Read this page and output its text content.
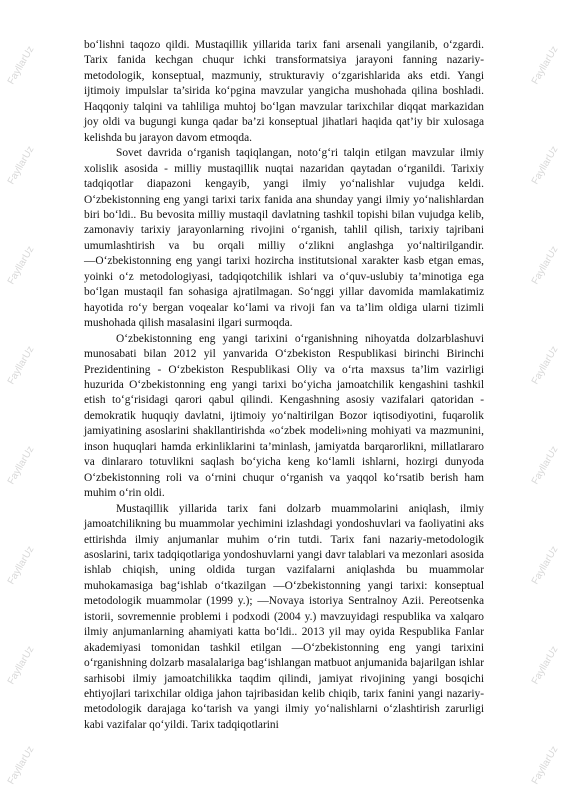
FayllarUz
FayllarUz
FayllarUz
FayllarUz
FayllarUz
FayllarUz
FayllarUz
FayllarUz
FayllarUz
FayllarUz
FayllarUz
FayllarUz
FayllarUz
FayllarUz
FayllarUz
FayllarUz

bo‘lishni taqozo qildi. Mustaqillik yillarida tarix fani arsenali yangilanib, o‘zgardi. Tarix fanida kechgan chuqur ichki transformatsiya jarayoni fanning nazariy-metodologik, konseptual, mazmuniy, strukturaviy o‘zgarishlarida aks etdi. Yangi ijtimoiy impulslar ta’sirida ko‘pgina mavzular yangicha mushohada qilina boshladi. Haqqoniy talqini va tahliliga muhtoj bo‘lgan mavzular tarixchilar diqqat markazidan joy oldi va bugungi kunga qadar ba’zi konseptual jihatlari haqida qat’iy bir xulosaga kelishda bu jarayon davom etmoqda.

Sovet davrida o‘rganish taqiqlangan, noto‘g‘ri talqin etilgan mavzular ilmiy xolislik asosida - milliy mustaqillik nuqtai nazaridan qaytadan o‘rganildi. Tarixiy tadqiqotlar diapazoni kengayib, yangi ilmiy yo‘nalishlar vujudga keldi. O‘zbekistonning eng yangi tarixi tarix fanida ana shunday yangi ilmiy yo‘nalishlardan biri bo‘ldi.. Bu bevosita milliy mustaqil davlatning tashkil topishi bilan vujudga kelib, zamonaviy tarixiy jarayonlarning rivojini o‘rganish, tahlil qilish, tarixiy tajribani umumlashtirish va bu orqali milliy o‘zlikni anglashga yo‘naltirilgandir. ―O‘zbekistonning eng yangi tarixi hozircha institutsional xarakter kasb etgan emas, yoinki o‘z metodologiyasi, tadqiqotchilik ishlari va o‘quv-uslubiy ta’minotiga ega bo‘lgan mustaqil fan sohasiga ajratilmagan. So‘nggi yillar davomida mamlakatimiz hayotida ro‘y bergan voqealar ko‘lami va rivoji fan va ta’lim oldiga ularni tizimli mushohada qilish masalasini ilgari surmoqda.

O‘zbekistonning eng yangi tarixini o‘rganishning nihoyatda dolzarblashuvi munosabati bilan 2012 yil yanvarida O‘zbekiston Respublikasi birinchi Birinchi Prezidentining - O‘zbekiston Respublikasi Oliy va o‘rta maxsus ta’lim vazirligi huzurida O‘zbekistonning eng yangi tarixi bo‘yicha jamoatchilik kengashini tashkil etish to‘g‘risidagi qarori qabul qilindi. Kengashning asosiy vazifalari qatoridan - demokratik huquqiy davlatni, ijtimoiy yo‘naltirilgan Bozor iqtisodiyotini, fuqarolik jamiyatining asoslarini shakllantirishda «o‘zbek modeli»ning mohiyati va mazmunini, inson huquqlari hamda erkinliklarini ta’minlash, jamiyatda barqarorlikni, millatlararo va dinlararo totuvlikni saqlash bo‘yicha keng ko‘lamli ishlarni, hozirgi dunyoda O‘zbekistonning roli va o‘rnini chuqur o‘rganish va yaqqol ko‘rsatib berish ham muhim o‘rin oldi.

Mustaqillik yillarida tarix fani dolzarb muammolarini aniqlash, ilmiy jamoatchilikning bu muammolar yechimini izlashdagi yondoshuvlari va faoliyatini aks ettirishda ilmiy anjumanlar muhim o‘rin tutdi. Tarix fani nazariy-metodologik asoslarini, tarix tadqiqotlariga yondoshuvlarni yangi davr talablari va mezonlari asosida ishlab chiqish, uning oldida turgan vazifalarni aniqlashda bu muammolar muhokamasiga bag‘ishlab o‘tkazilgan ―O‘zbekistonning yangi tarixi: konseptual metodologik muammolar (1999 y.); ―Novaya istoriya Sentralnoy Azii. Pereotsenka istorii, sovremennie problemi i podxodi (2004 y.) mavzuyidagi respublika va xalqaro ilmiy anjumanlarning ahamiyati katta bo‘ldi.. 2013 yil may oyida Respublika Fanlar akademiyasi tomonidan tashkil etilgan ―O‘zbekistonning eng yangi tarixini o‘rganishning dolzarb masalalariga bag‘ishlangan matbuot anjumanida bajarilgan ishlar sarhisobi ilmiy jamoatchilikka taqdim qilindi, jamiyat rivojining yangi bosqichi ehtiyojlari tarixchilar oldiga jahon tajribasidan kelib chiqib, tarix fanini yangi nazariy-metodologik darajaga ko‘tarish va yangi ilmiy yo‘nalishlarni o‘zlashtirish zarurligi kabi vazifalar qo‘yildi. Tarix tadqiqotlarini
